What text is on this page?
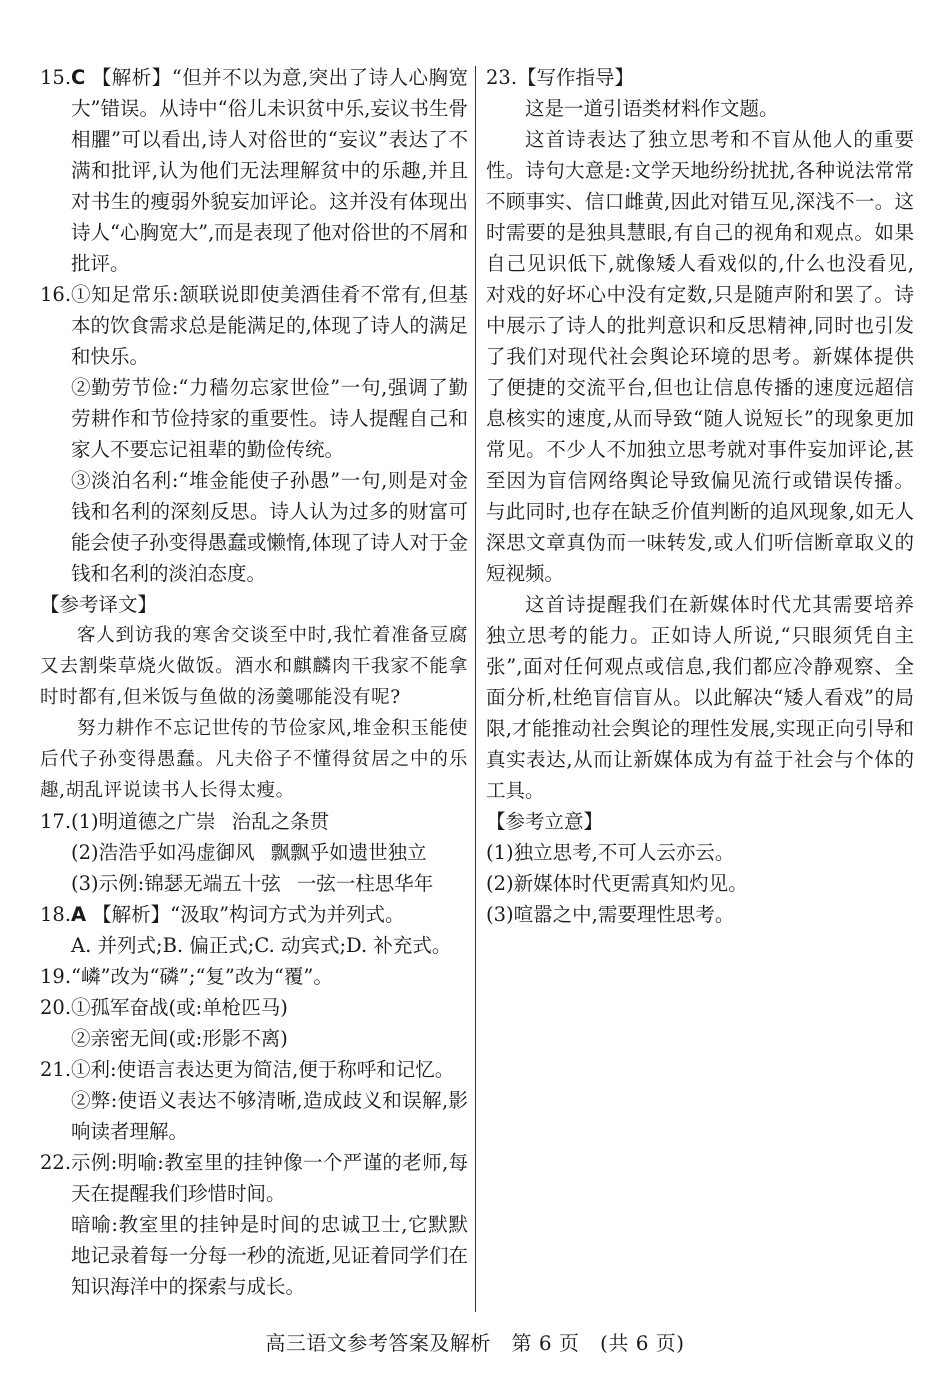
15. C 【解析】“但并不以为意,突出了诗人心胸宽大”错误。从诗中“俗儿未识贫中乐,妄议书生骨相臞”可以看出,诗人对俗世的“妄议”表达了不满和批评,认为他们无法理解贫中的乐趣,并且对书生的瘦弱外貌妄加评论。这并没有体现出诗人“心胸宽大”,而是表现了他对俗世的不屑和批评。
16. ①知足常乐:颔联说即使美酒佳肴不常有,但基本的饮食需求总是能满足的,体现了诗人的满足和快乐。
②勤劳节俭:“力穑勿忘家世俭”一句,强调了勤劳耕作和节俭持家的重要性。诗人提醒自己和家人不要忘记祖辈的勤俭传统。
③淡泊名利:“堆金能使子孙愚”一句,则是对金钱和名利的深刻反思。诗人认为过多的财富可能会使子孙变得愚蠢或懒惰,体现了诗人对于金钱和名利的淡泊态度。
【参考译文】
客人到访我的寒舍交谈至中时,我忙着准备豆腐又去割柴草烧火做饭。酒水和麒麟肉干我家不能拿时时都有,但米饭与鱼做的汤羹哪能没有呢?
努力耕作不忘记世传的节俭家风,堆金积玉能使后代子孙变得愚蠢。凡夫俗子不懂得贫居之中的乐趣,胡乱评说读书人长得太瘦。
17. (1)明道德之广崇 治乱之条贯
(2)浩浩乎如冯虚御风 飘飘乎如遗世独立
(3)示例:锦瑟无端五十弦 一弦一柱思华年
18. A 【解析】“汲取”构词方式为并列式。
A. 并列式;B. 偏正式;C. 动宾式;D. 补充式。
19. “嶙”改为“磷”;“复”改为“覆”。
20. ①孤军奋战(或:单枪匹马)
②亲密无间(或:形影不离)
21. ①利:使语言表达更为简洁,便于称呼和记忆。
②弊:使语义表达不够清晰,造成歧义和误解,影响读者理解。
22. 示例:明喻:教室里的挂钟像一个严谨的老师,每天在提醒我们珍惜时间。
暗喻:教室里的挂钟是时间的忠诚卫士,它默默地记录着每一分每一秒的流逝,见证着同学们在知识海洋中的探索与成长。
23. 【写作指导】
这是一道引语类材料作文题。
这首诗表达了独立思考和不盲从他人的重要性。诗句大意是:文学天地纷纷扰扰,各种说法常常不顾事实、信口雌黄,因此对错互见,深浅不一。这时需要的是独具慧眼,有自己的视角和观点。如果自己见识低下,就像矮人看戏似的,什么也没看见,对戏的好坏心中没有定数,只是随声附和罢了。诗中展示了诗人的批判意识和反思精神,同时也引发了我们对现代社会舆论环境的思考。新媒体提供了便捷的交流平台,但也让信息传播的速度远超信息核实的速度,从而导致“随人说短长”的现象更加常见。不少人不加独立思考就对事件妄加评论,甚至因为盲信网络舆论导致偏见流行或错误传播。与此同时,也存在缺乏价值判断的追风现象,如无人深思文章真伪而一味转发,或人们听信断章取义的短视频。
这首诗提醒我们在新媒体时代尤其需要培养独立思考的能力。正如诗人所说,“只眼须凭自主张”,面对任何观点或信息,我们都应冷静观察、全面分析,杜绝盲信盲从。以此解决“矮人看戏”的局限,才能推动社会舆论的理性发展,实现正向引导和真实表达,从而让新媒体成为有益于社会与个体的工具。
【参考立意】
(1)独立思考,不可人云亦云。
(2)新媒体时代更需真知灼见。
(3)喧嚣之中,需要理性思考。
高三语文参考答案及解析 第 6 页 (共 6 页)
